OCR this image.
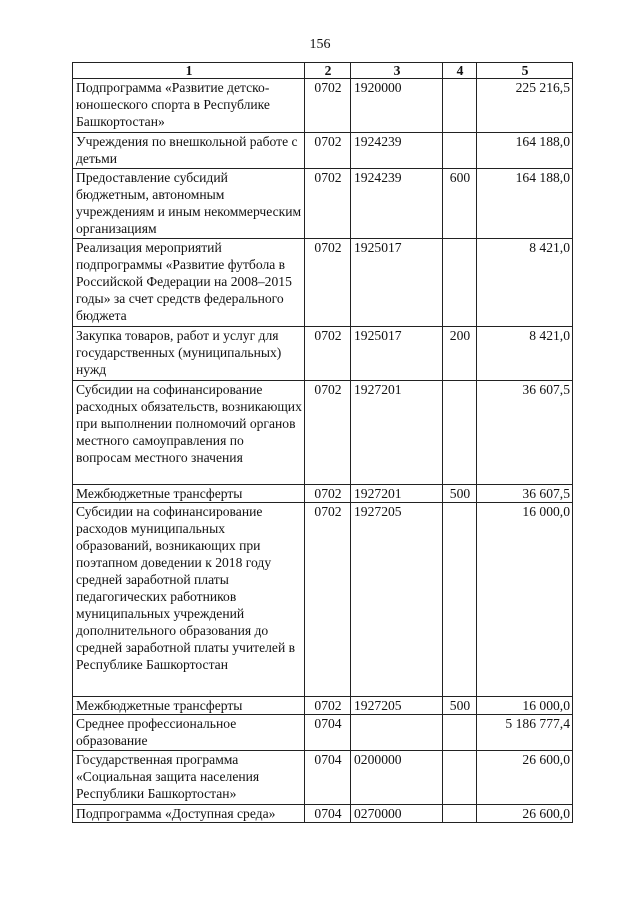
156
1	2	3	4	5
Подпрограмма «Развитие детско-юношеского спорта в Республике Башкортостан»	0702	1920000		225 216,5
Учреждения по внешкольной работе с детьми	0702	1924239		164 188,0
Предоставление субсидий бюджетным, автономным учреждениям и иным некоммерческим организациям	0702	1924239	600	164 188,0
Реализация мероприятий подпрограммы «Развитие футбола в Российской Федерации на 2008–2015 годы» за счет средств федерального бюджета	0702	1925017		8 421,0
Закупка товаров, работ и услуг для государственных (муниципальных) нужд	0702	1925017	200	8 421,0
Субсидии на софинансирование расходных обязательств, возникающих при выполнении полномочий органов местного самоуправления по вопросам местного значения	0702	1927201		36 607,5
Межбюджетные трансферты	0702	1927201	500	36 607,5
Субсидии на софинансирование расходов муниципальных образований, возникающих при поэтапном доведении к 2018 году средней заработной платы педагогических работников муниципальных учреждений дополнительного образования до средней заработной платы учителей в Республике Башкортостан	0702	1927205		16 000,0
Межбюджетные трансферты	0702	1927205	500	16 000,0
Среднее профессиональное образование	0704			5 186 777,4
Государственная программа «Социальная защита населения Республики Башкортостан»	0704	0200000		26 600,0
Подпрограмма «Доступная среда»	0704	0270000		26 600,0
